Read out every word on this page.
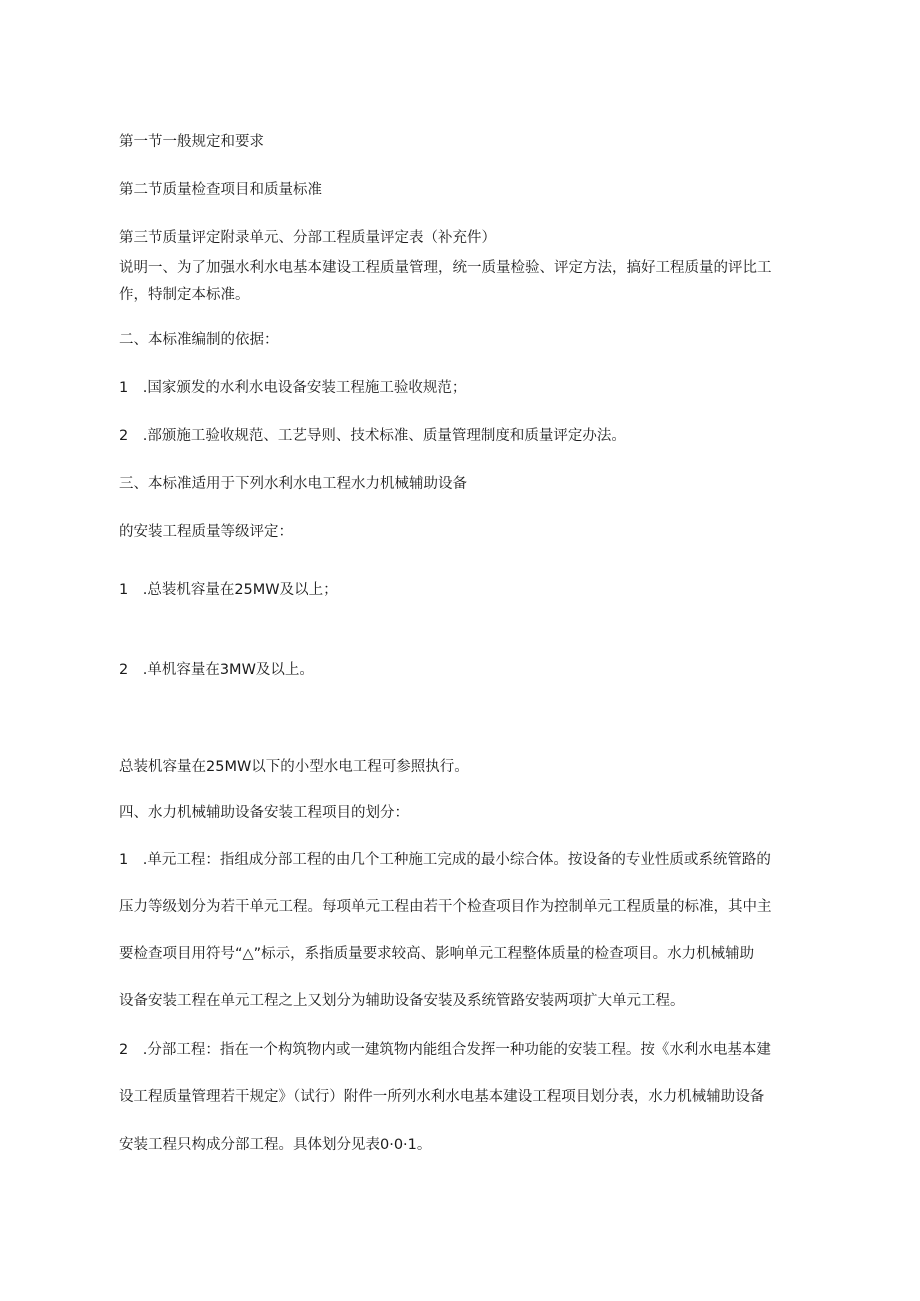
第一节一般规定和要求
第二节质量检查项目和质量标准
第三节质量评定附录单元、分部工程质量评定表（补充件）
说明一、为了加强水利水电基本建设工程质量管理，统一质量检验、评定方法，搞好工程质量的评比工
作，特制定本标准。
二、本标准编制的依据：
1　.国家颁发的水利水电设备安装工程施工验收规范；
2　.部颁施工验收规范、工艺导则、技术标准、质量管理制度和质量评定办法。
三、本标准适用于下列水利水电工程水力机械辅助设备
的安装工程质量等级评定：
1　.总装机容量在25MW及以上；
2　.单机容量在3MW及以上。
总装机容量在25MW以下的小型水电工程可参照执行。
四、水力机械辅助设备安装工程项目的划分：
1　.单元工程：指组成分部工程的由几个工种施工完成的最小综合体。按设备的专业性质或系统管路的
压力等级划分为若干单元工程。每项单元工程由若干个检查项目作为控制单元工程质量的标准，其中主
要检查项目用符号“△”标示，系指质量要求较高、影响单元工程整体质量的检查项目。水力机械辅助
设备安装工程在单元工程之上又划分为辅助设备安装及系统管路安装两项扩大单元工程。
2　.分部工程：指在一个构筑物内或一建筑物内能组合发挥一种功能的安装工程。按《水利水电基本建
设工程质量管理若干规定》（试行）附件一所列水利水电基本建设工程项目划分表，水力机械辅助设备
安装工程只构成分部工程。具体划分见表0·0·1。
